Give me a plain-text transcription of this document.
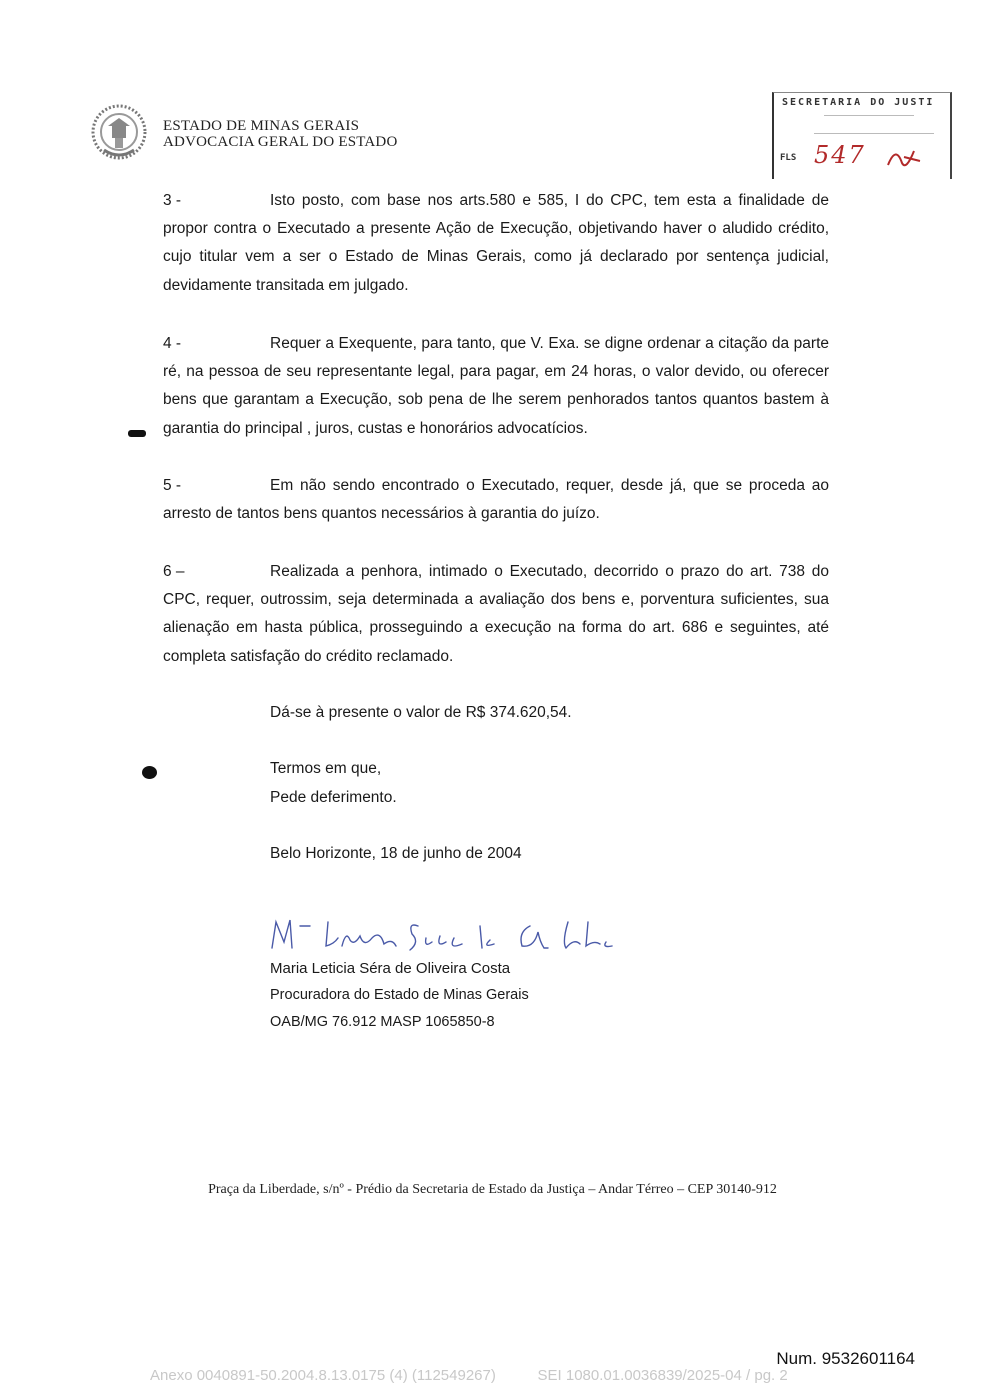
ESTADO DE MINAS GERAIS
ADVOCACIA GERAL DO ESTADO
SECRETARIA DO JUSTI
FLS 547
3 -	Isto posto, com base nos arts.580 e 585, I do CPC, tem esta a finalidade de propor contra o Executado a presente Ação de Execução, objetivando haver o aludido crédito, cujo titular vem a ser o Estado de Minas Gerais, como já declarado por sentença judicial, devidamente transitada em julgado.
4 -	Requer a Exequente, para tanto, que V. Exa. se digne ordenar a citação da parte ré, na pessoa de seu representante legal, para pagar, em 24 horas, o valor devido, ou oferecer bens que garantam a Execução, sob pena de lhe serem penhorados tantos quantos bastem à garantia do principal , juros, custas e honorários advocatícios.
5 -	Em não sendo encontrado o Executado, requer, desde já, que se proceda ao arresto de tantos bens quantos necessários à garantia do juízo.
6 –	Realizada a penhora, intimado o Executado, decorrido o prazo do art. 738 do CPC, requer, outrossim, seja determinada a avaliação dos bens e, porventura suficientes, sua alienação em hasta pública, prosseguindo a execução na forma do art. 686 e seguintes, até completa satisfação do crédito reclamado.
Dá-se à presente o valor de R$ 374.620,54.
Termos em que,
Pede deferimento.
Belo Horizonte, 18 de junho de 2004
Maria Leticia Séra de Oliveira Costa
Procuradora do Estado de Minas Gerais
OAB/MG 76.912 MASP 1065850-8
Praça da Liberdade, s/nº - Prédio da Secretaria de Estado da Justiça – Andar Térreo – CEP 30140-912
Num. 9532601164
Anexo 0040891-50.2004.8.13.0175 (4) (112549267)          SEI 1080.01.0036839/2025-04 / pg. 2
